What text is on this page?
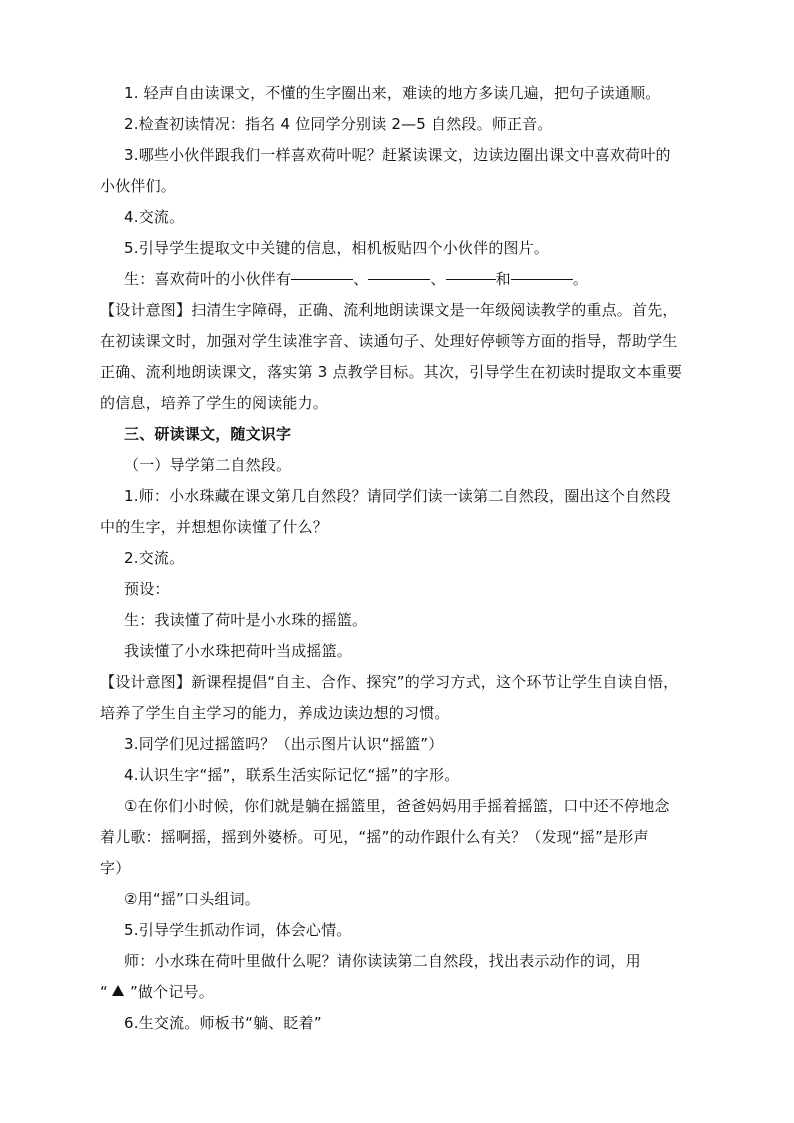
1. 轻声自由读课文，不懂的生字圈出来，难读的地方多读几遍，把句子读通顺。

2.检查初读情况：指名 4 位同学分别读 2—5 自然段。师正音。

3.哪些小伙伴跟我们一样喜欢荷叶呢？赶紧读课文，边读边圈出课文中喜欢荷叶的

小伙伴们。

4.交流。

5.引导学生提取文中关键的信息，相机板贴四个小伙伴的图片。

生：喜欢荷叶的小伙伴有	、	、	和	。

【设计意图】扫清生字障碍，正确、流利地朗读课文是一年级阅读教学的重点。首先，

在初读课文时，加强对学生读准字音、读通句子、处理好停顿等方面的指导，帮助学生

正确、流利地朗读课文，落实第 3 点教学目标。其次，引导学生在初读时提取文本重要

的信息，培养了学生的阅读能力。

三、研读课文，随文识字

（一）导学第二自然段。

1.师：小水珠藏在课文第几自然段？请同学们读一读第二自然段，圈出这个自然段

中的生字，并想想你读懂了什么？

2.交流。

预设：

生：我读懂了荷叶是小水珠的摇篮。

我读懂了小水珠把荷叶当成摇篮。

【设计意图】新课程提倡“自主、合作、探究”的学习方式，这个环节让学生自读自悟，

培养了学生自主学习的能力，养成边读边想的习惯。

3.同学们见过摇篮吗？（出示图片认识“摇篮”）

4.认识生字“摇”，联系生活实际记忆“摇”的字形。

①在你们小时候，你们就是躺在摇篮里，爸爸妈妈用手摇着摇篮，口中还不停地念

着儿歌：摇啊摇，摇到外婆桥。可见，“摇”的动作跟什么有关？（发现“摇”是形声

字）

②用“摇”口头组词。

5.引导学生抓动作词，体会心情。

师：小水珠在荷叶里做什么呢？请你读读第二自然段，找出表示动作的词，用

“ ”做个记号。

6.生交流。师板书“躺、眨着”
